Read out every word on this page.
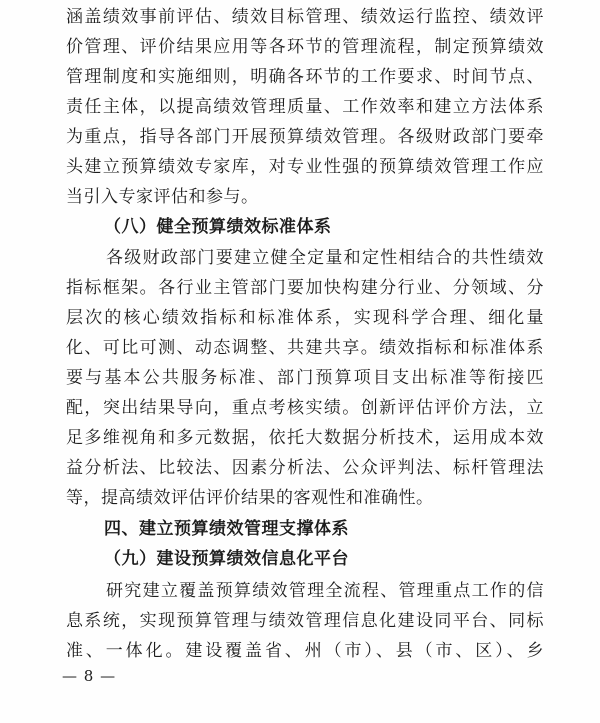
涵盖绩效事前评估、绩效目标管理、绩效运行监控、绩效评
价管理、评价结果应用等各环节的管理流程，制定预算绩效
管理制度和实施细则，明确各环节的工作要求、时间节点、
责任主体，以提高绩效管理质量、工作效率和建立方法体系
为重点，指导各部门开展预算绩效管理。各级财政部门要牵
头建立预算绩效专家库，对专业性强的预算绩效管理工作应
当引入专家评估和参与。
（八）健全预算绩效标准体系
各级财政部门要建立健全定量和定性相结合的共性绩效
指标框架。各行业主管部门要加快构建分行业、分领域、分
层次的核心绩效指标和标准体系，实现科学合理、细化量
化、可比可测、动态调整、共建共享。绩效指标和标准体系
要与基本公共服务标准、部门预算项目支出标准等衔接匹
配，突出结果导向，重点考核实绩。创新评估评价方法，立
足多维视角和多元数据，依托大数据分析技术，运用成本效
益分析法、比较法、因素分析法、公众评判法、标杆管理法
等，提高绩效评估评价结果的客观性和准确性。
四、建立预算绩效管理支撑体系
（九）建设预算绩效信息化平台
研究建立覆盖预算绩效管理全流程、管理重点工作的信
息系统，实现预算管理与绩效管理信息化建设同平台、同标
— 8 —
准、一体化。建设覆盖省、州（市）、县（市、区）、乡
